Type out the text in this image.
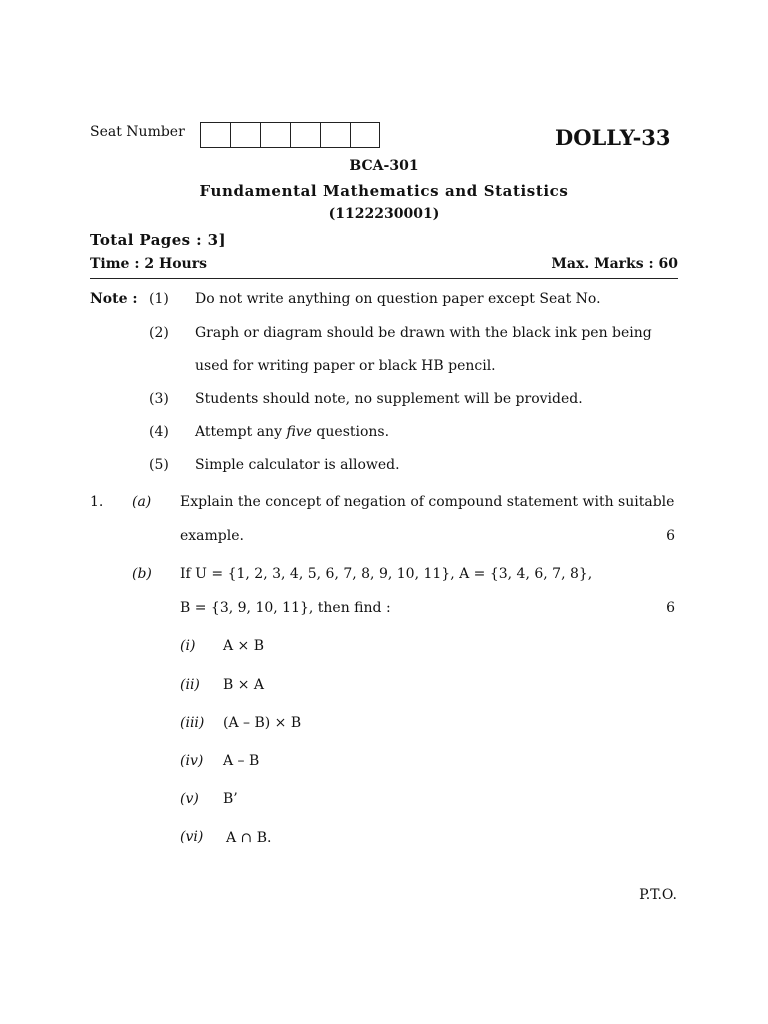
Seat Number	DOLLY-33
BCA-301
Fundamental Mathematics and Statistics
(1122230001)
Total Pages : 3]
Time : 2 Hours	Max. Marks : 60
Note : (1) Do not write anything on question paper except Seat No.
(2) Graph or diagram should be drawn with the black ink pen being
used for writing paper or black HB pencil.
(3) Students should note, no supplement will be provided.
(4) Attempt any five questions.
(5) Simple calculator is allowed.
1. (a) Explain the concept of negation of compound statement with suitable
example.	6
(b) If U = {1, 2, 3, 4, 5, 6, 7, 8, 9, 10, 11}, A = {3, 4, 6, 7, 8},
B = {3, 9, 10, 11}, then find :	6
(i) A × B
(ii) B × A
(iii) (A – B) × B
(iv) A – B
(v) B’
(vi) A ∩ B.
P.T.O.
